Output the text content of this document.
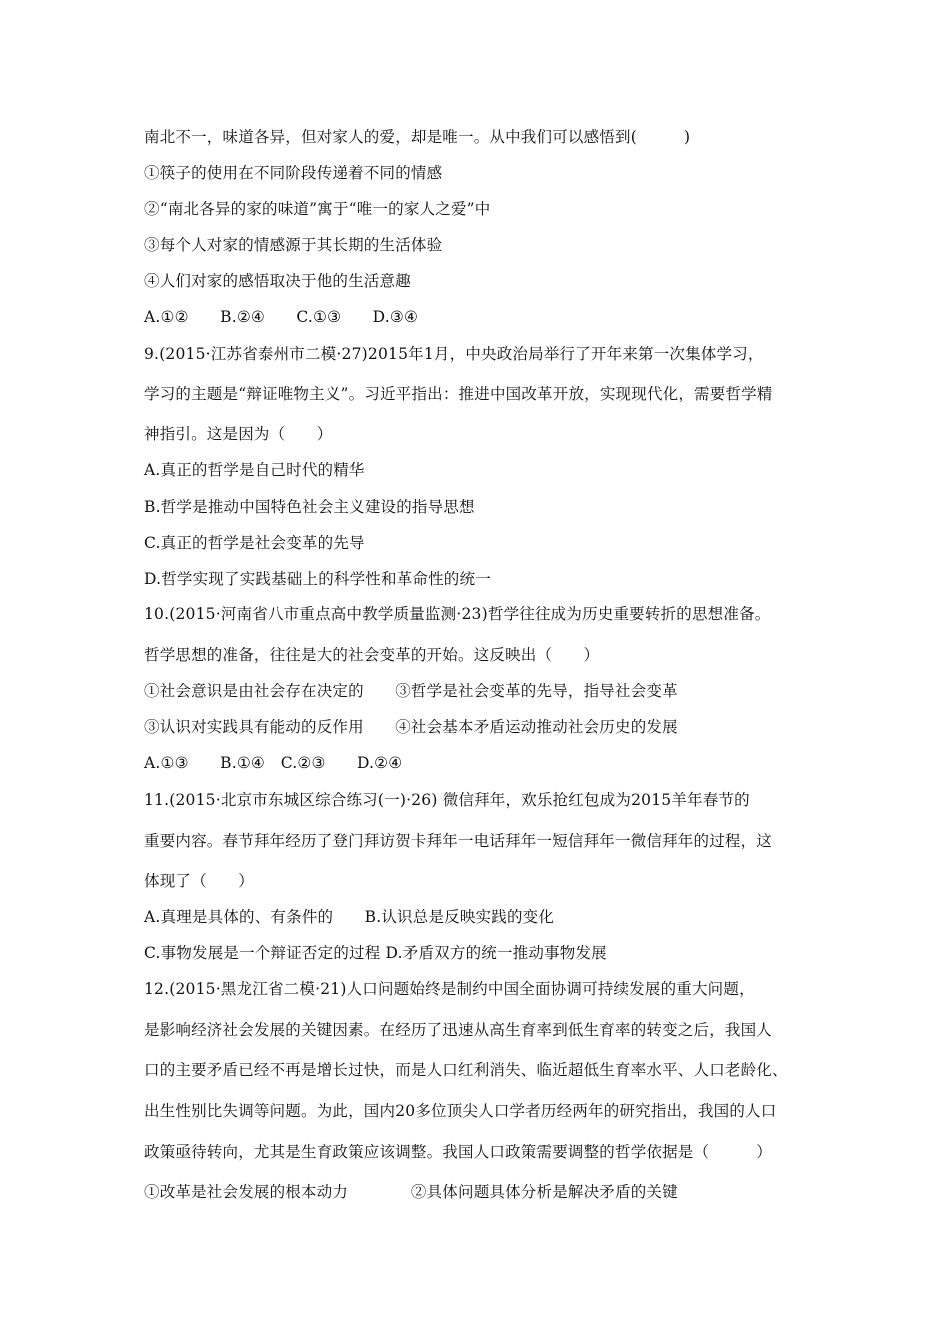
南北不一，味道各异，但对家人的爱，却是唯一。从中我们可以感悟到(　　　)
①筷子的使用在不同阶段传递着不同的情感
②“南北各异的家的味道”寓于“唯一的家人之爱”中
③每个人对家的情感源于其长期的生活体验
④人们对家的感悟取决于他的生活意趣
A.①②　　B.②④　　C.①③　　D.③④
9.(2015·江苏省泰州市二模·27)2015年1月，中央政治局举行了开年来第一次集体学习，
学习的主题是“辩证唯物主义”。习近平指出：推进中国改革开放，实现现代化，需要哲学精
神指引。这是因为（　　）
A.真正的哲学是自己时代的精华
B.哲学是推动中国特色社会主义建设的指导思想
C.真正的哲学是社会变革的先导
D.哲学实现了实践基础上的科学性和革命性的统一
10.(2015·河南省八市重点高中教学质量监测·23)哲学往往成为历史重要转折的思想准备。
哲学思想的准备，往往是大的社会变革的开始。这反映出（　　）
①社会意识是由社会存在决定的　　③哲学是社会变革的先导，指导社会变革
③认识对实践具有能动的反作用　　④社会基本矛盾运动推动社会历史的发展
A.①③　　B.①④　C.②③　　D.②④
11.(2015·北京市东城区综合练习(一)·26) 微信拜年，欢乐抢红包成为2015羊年春节的
重要内容。春节拜年经历了登门拜访贺卡拜年一电话拜年一短信拜年一微信拜年的过程，这
体现了（　　）
A.真理是具体的、有条件的　　B.认识总是反映实践的变化
C.事物发展是一个辩证否定的过程 D.矛盾双方的统一推动事物发展
12.(2015·黑龙江省二模·21)人口问题始终是制约中国全面协调可持续发展的重大问题，
是影响经济社会发展的关键因素。在经历了迅速从高生育率到低生育率的转变之后，我国人
口的主要矛盾已经不再是增长过快，而是人口红利消失、临近超低生育率水平、人口老龄化、
出生性别比失调等问题。为此，国内20多位顶尖人口学者历经两年的研究指出，我国的人口
政策亟待转向，尤其是生育政策应该调整。我国人口政策需要调整的哲学依据是（　　　）
①改革是社会发展的根本动力　　　　②具体问题具体分析是解决矛盾的关键
